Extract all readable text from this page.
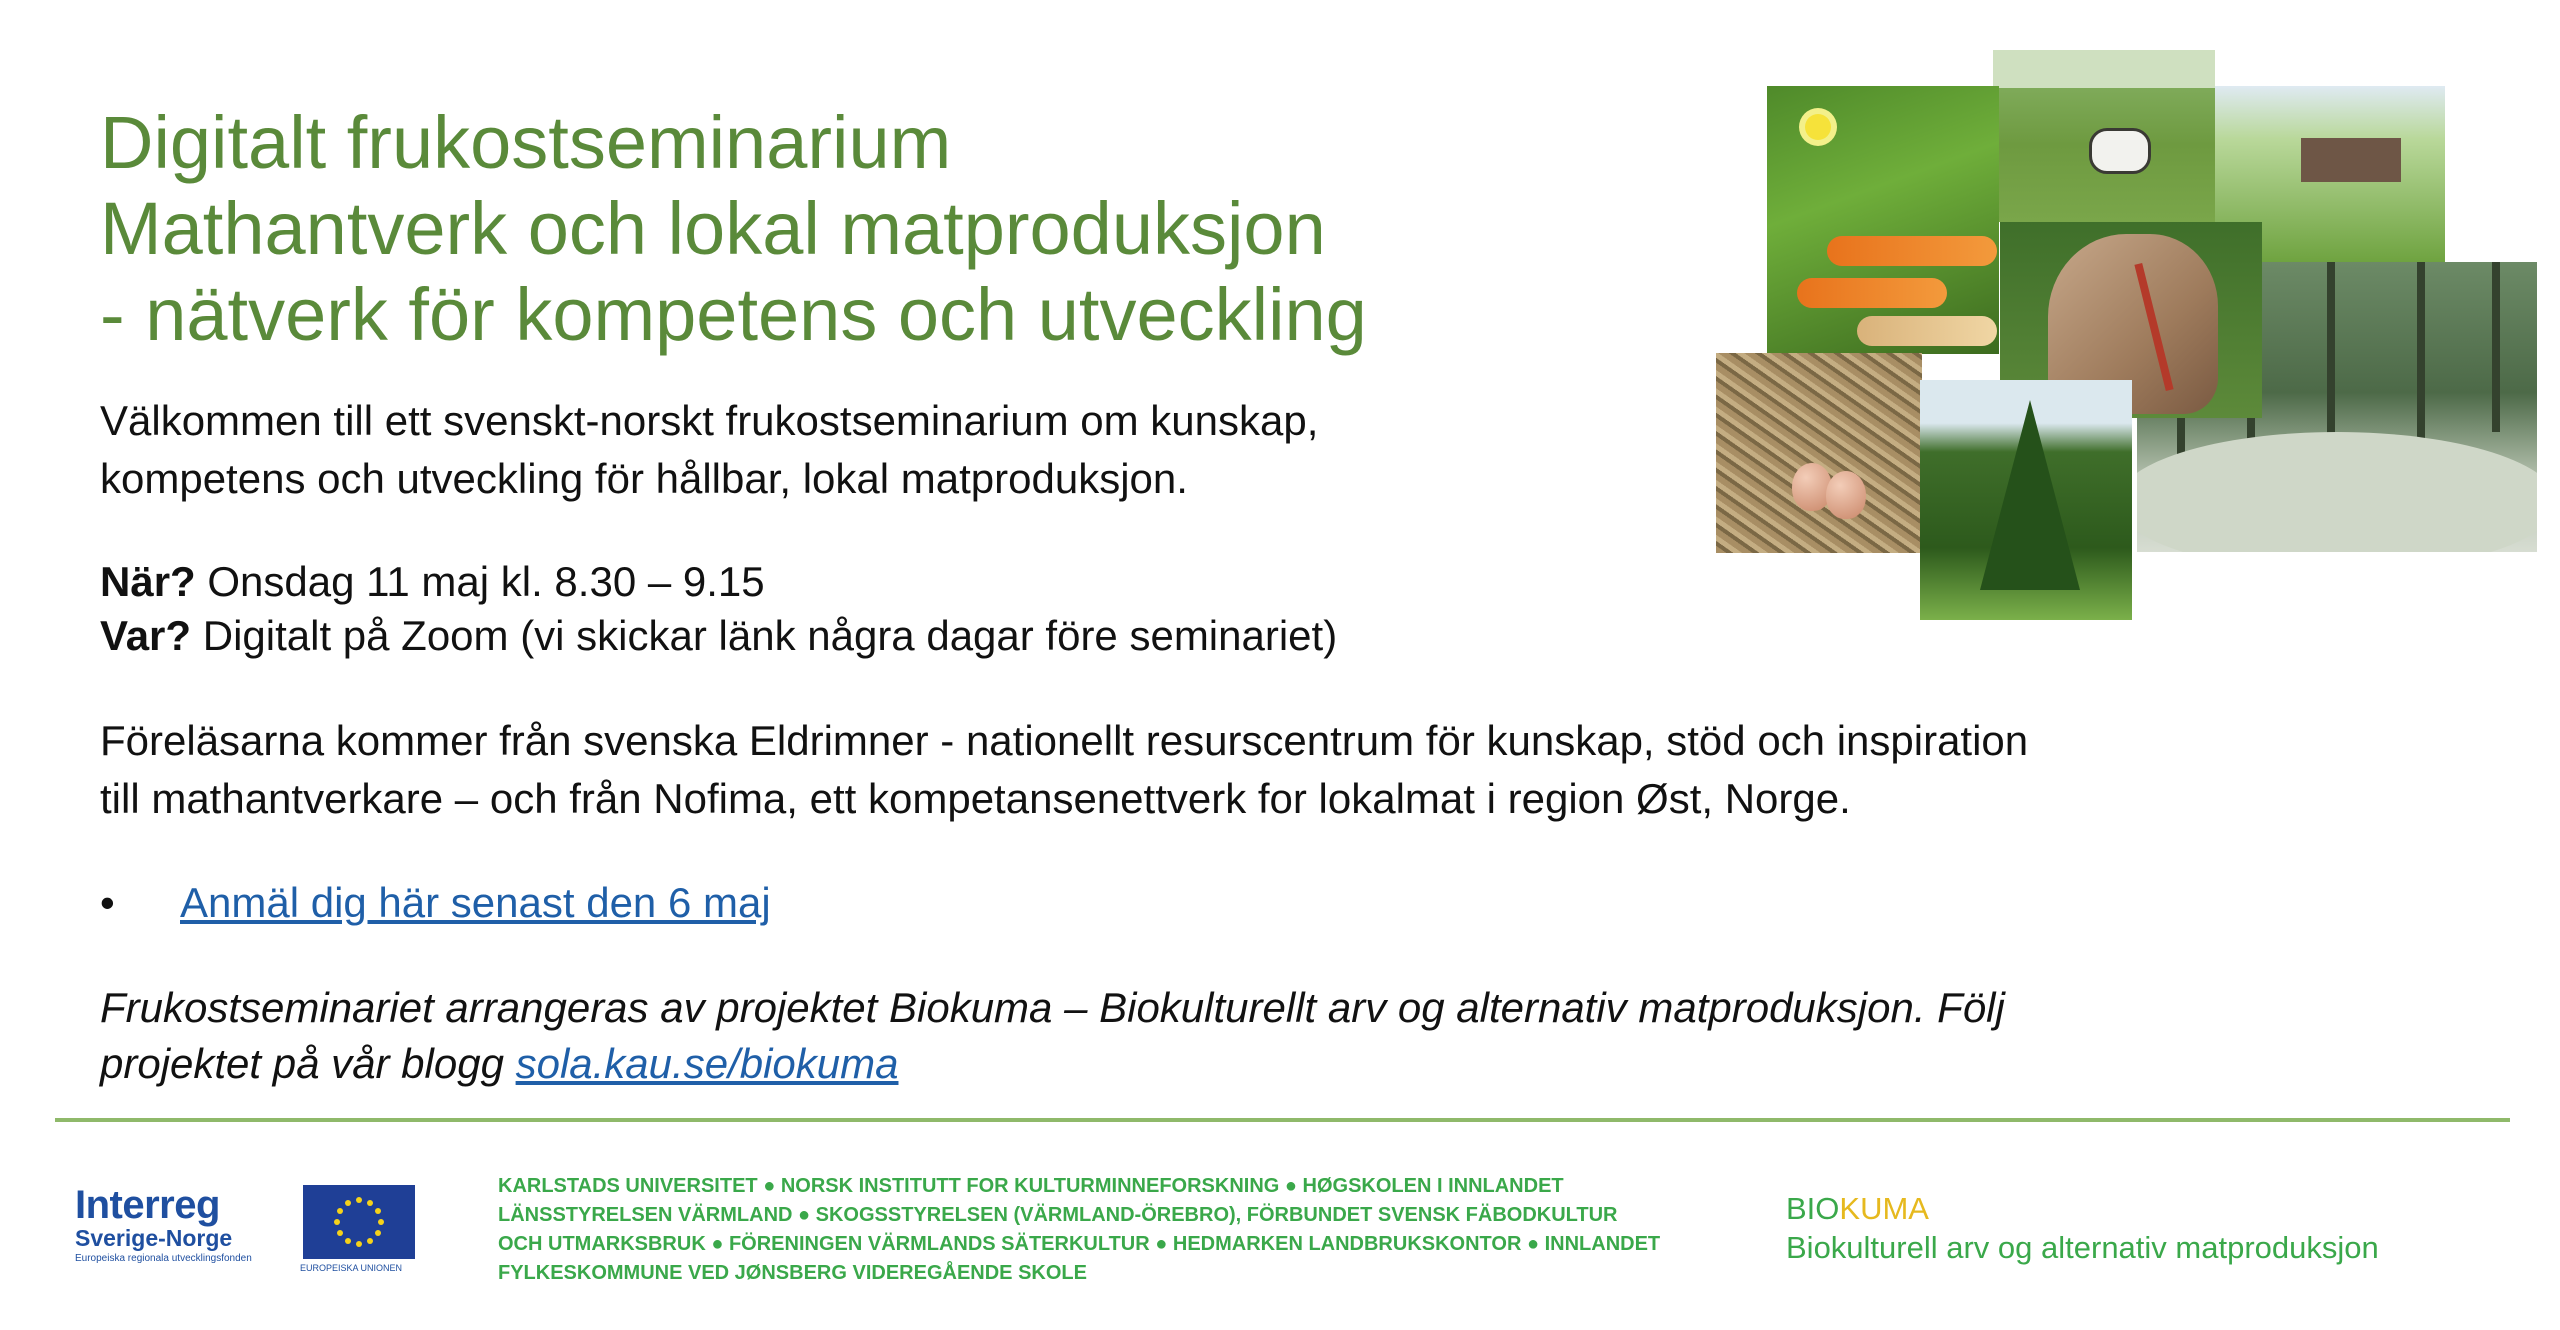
Digitalt frukostseminarium
Mathantverk och lokal matproduksjon
- nätverk för kompetens och utveckling

Välkommen till ett svenskt-norskt frukostseminarium om kunskap,
kompetens och utveckling för hållbar, lokal matproduksjon.

När? Onsdag 11 maj kl. 8.30 – 9.15
Var? Digitalt på Zoom (vi skickar länk några dagar före seminariet)

Föreläsarna kommer från svenska Eldrimner - nationellt resurscentrum för kunskap, stöd och inspiration
till mathantverkare – och från Nofima, ett kompetansenettverk for lokalmat i region Øst, Norge.

• Anmäl dig här senast den 6 maj

Frukostseminariet arrangeras av projektet Biokuma – Biokulturellt arv og alternativ matproduksjon. Följ
projektet på vår blogg sola.kau.se/biokuma

Interreg
Sverige-Norge
Europeiska regionala utvecklingsfonden
EUROPEISKA UNIONEN

KARLSTADS UNIVERSITET ● NORSK INSTITUTT FOR KULTURMINNEFORSKNING ● HØGSKOLEN I INNLANDET
LÄNSSTYRELSEN VÄRMLAND ● SKOGSSTYRELSEN (VÄRMLAND-ÖREBRO), FÖRBUNDET SVENSK FÄBODKULTUR
OCH UTMARKSBRUK ● FÖRENINGEN VÄRMLANDS SÄTERKULTUR ● HEDMARKEN LANDBRUKSKONTOR ● INNLANDET
FYLKESKOMMUNE VED JØNSBERG VIDEREGÅENDE SKOLE

BIOKUMA
Biokulturell arv og alternativ matproduksjon
